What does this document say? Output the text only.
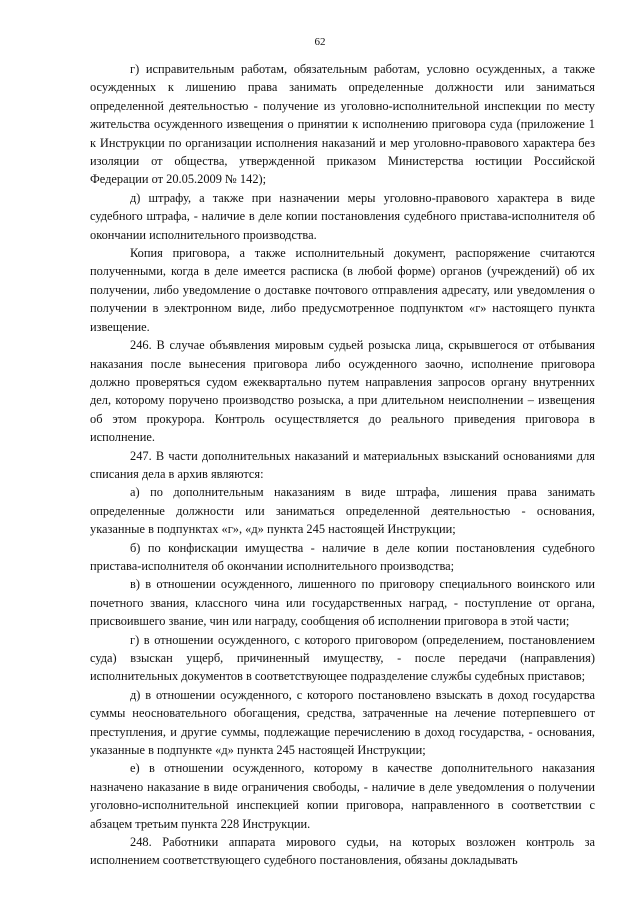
62

г) исправительным работам, обязательным работам, условно осужденных, а также осужденных к лишению права занимать определенные должности или заниматься определенной деятельностью - получение из уголовно-исполнительной инспекции по месту жительства осужденного извещения о принятии к исполнению приговора суда (приложение 1 к Инструкции по организации исполнения наказаний и мер уголовно-правового характера без изоляции от общества, утвержденной приказом Министерства юстиции Российской Федерации от 20.05.2009 № 142);

д) штрафу, а также при назначении меры уголовно-правового характера в виде судебного штрафа, - наличие в деле копии постановления судебного пристава-исполнителя об окончании исполнительного производства.

Копия приговора, а также исполнительный документ, распоряжение считаются полученными, когда в деле имеется расписка (в любой форме) органов (учреждений) об их получении, либо уведомление о доставке почтового отправления адресату, или уведомления о получении в электронном виде, либо предусмотренное подпунктом «г» настоящего пункта извещение.

246. В случае объявления мировым судьей розыска лица, скрывшегося от отбывания наказания после вынесения приговора либо осужденного заочно, исполнение приговора должно проверяться судом ежеквартально путем направления запросов органу внутренних дел, которому поручено производство розыска, а при длительном неисполнении – извещения об этом прокурора. Контроль осуществляется до реального приведения приговора в исполнение.

247. В части дополнительных наказаний и материальных взысканий основаниями для списания дела в архив являются:

а) по дополнительным наказаниям в виде штрафа, лишения права занимать определенные должности или заниматься определенной деятельностью - основания, указанные в подпунктах «г», «д» пункта 245 настоящей Инструкции;

б) по конфискации имущества - наличие в деле копии постановления судебного пристава-исполнителя об окончании исполнительного производства;

в) в отношении осужденного, лишенного по приговору специального воинского или почетного звания, классного чина или государственных наград, - поступление от органа, присвоившего звание, чин или награду, сообщения об исполнении приговора в этой части;

г) в отношении осужденного, с которого приговором (определением, постановлением суда) взыскан ущерб, причиненный имуществу, - после передачи (направления) исполнительных документов в соответствующее подразделение службы судебных приставов;

д) в отношении осужденного, с которого постановлено взыскать в доход государства суммы неосновательного обогащения, средства, затраченные на лечение потерпевшего от преступления, и другие суммы, подлежащие перечислению в доход государства, - основания, указанные в подпункте «д» пункта 245 настоящей Инструкции;

е) в отношении осужденного, которому в качестве дополнительного наказания назначено наказание в виде ограничения свободы, - наличие в деле уведомления о получении уголовно-исполнительной инспекцией копии приговора, направленного в соответствии с абзацем третьим пункта 228 Инструкции.

248. Работники аппарата мирового судьи, на которых возложен контроль за исполнением соответствующего судебного постановления, обязаны докладывать
